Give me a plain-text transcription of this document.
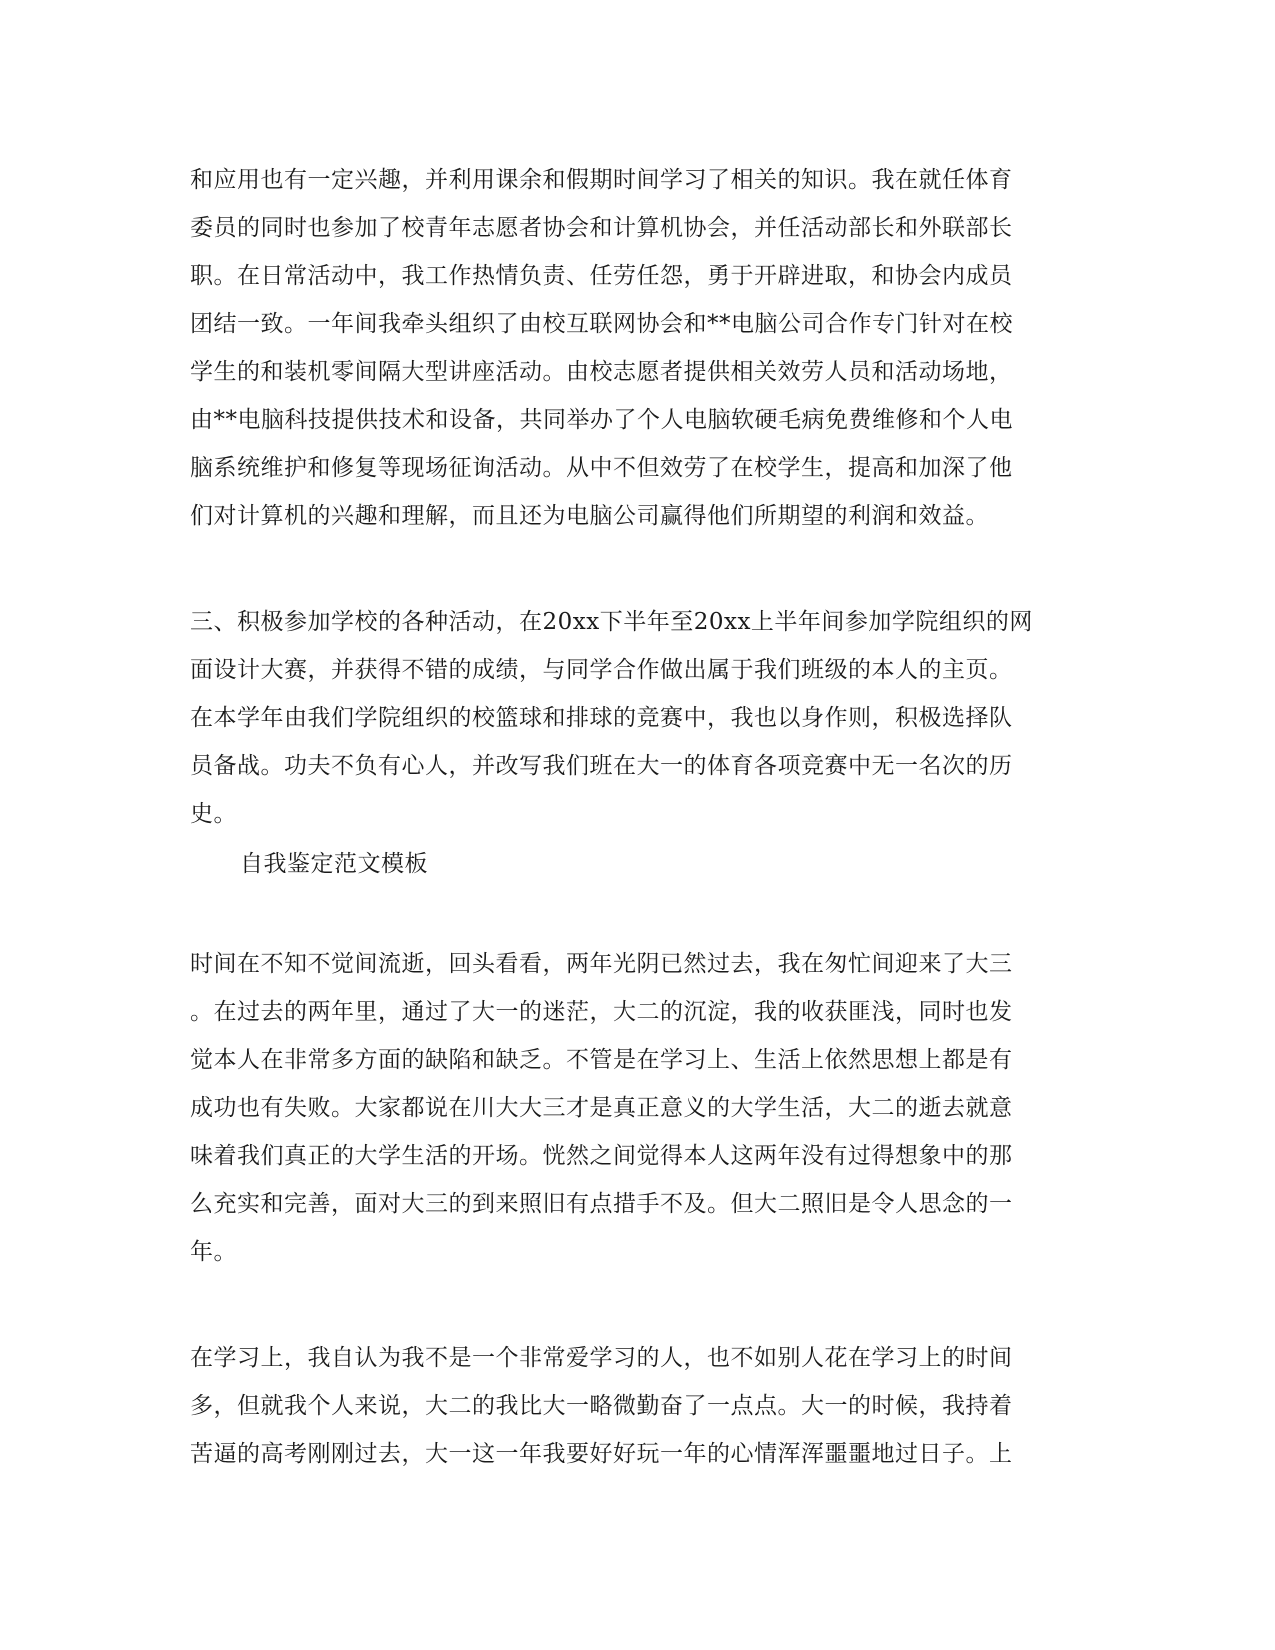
和应用也有一定兴趣，并利用课余和假期时间学习了相关的知识。我在就任体育
委员的同时也参加了校青年志愿者协会和计算机协会，并任活动部长和外联部长
职。在日常活动中，我工作热情负责、任劳任怨，勇于开辟进取，和协会内成员
团结一致。一年间我牵头组织了由校互联网协会和**电脑公司合作专门针对在校
学生的和装机零间隔大型讲座活动。由校志愿者提供相关效劳人员和活动场地，
由**电脑科技提供技术和设备，共同举办了个人电脑软硬毛病免费维修和个人电
脑系统维护和修复等现场征询活动。从中不但效劳了在校学生，提高和加深了他
们对计算机的兴趣和理解，而且还为电脑公司赢得他们所期望的利润和效益。
三、积极参加学校的各种活动，在20xx下半年至20xx上半年间参加学院组织的网
面设计大赛，并获得不错的成绩，与同学合作做出属于我们班级的本人的主页。
在本学年由我们学院组织的校篮球和排球的竞赛中，我也以身作则，积极选择队
员备战。功夫不负有心人，并改写我们班在大一的体育各项竞赛中无一名次的历
史。
自我鉴定范文模板
时间在不知不觉间流逝，回头看看，两年光阴已然过去，我在匆忙间迎来了大三
。在过去的两年里，通过了大一的迷茫，大二的沉淀，我的收获匪浅，同时也发
觉本人在非常多方面的缺陷和缺乏。不管是在学习上、生活上依然思想上都是有
成功也有失败。大家都说在川大大三才是真正意义的大学生活，大二的逝去就意
味着我们真正的大学生活的开场。恍然之间觉得本人这两年没有过得想象中的那
么充实和完善，面对大三的到来照旧有点措手不及。但大二照旧是令人思念的一
年。
在学习上，我自认为我不是一个非常爱学习的人，也不如别人花在学习上的时间
多，但就我个人来说，大二的我比大一略微勤奋了一点点。大一的时候，我持着
苦逼的高考刚刚过去，大一这一年我要好好玩一年的心情浑浑噩噩地过日子。上
